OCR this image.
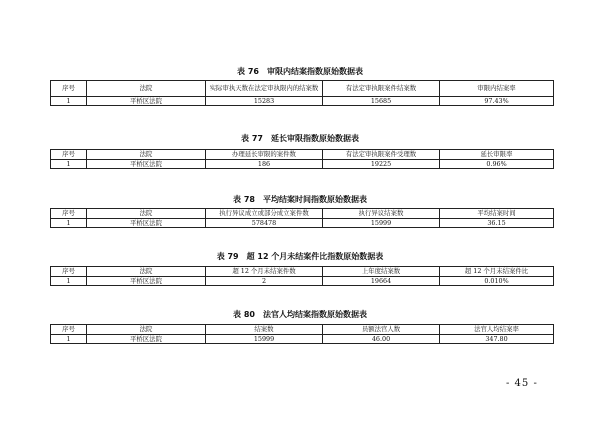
表 76　审限内结案指数原始数据表
序号	法院	实际审执天数在法定审执限内的结案数	有法定审执限案件结案数	审限内结案率
1	平桥区法院	15283	15685	97.43%
表 77　延长审限指数原始数据表
序号	法院	办理延长审限的案件数	有法定审执限案件受理数	延长审限率
1	平桥区法院	186	19225	0.96%
表 78　平均结案时间指数原始数据表
序号	法院	执行异议成立或部分成立案件数	执行异议结案数	平均结案时间
1	平桥区法院	578478	15999	36.15
表 79　超 12 个月未结案件比指数原始数据表
序号	法院	超 12 个月未结案件数	上年度结案数	超 12 个月未结案件比
1	平桥区法院	2	19664	0.010%
表 80　法官人均结案指数原始数据表
序号	法院	结案数	员额法官人数	法官人均结案率
1	平桥区法院	15999	46.00	347.80
- 45 -
